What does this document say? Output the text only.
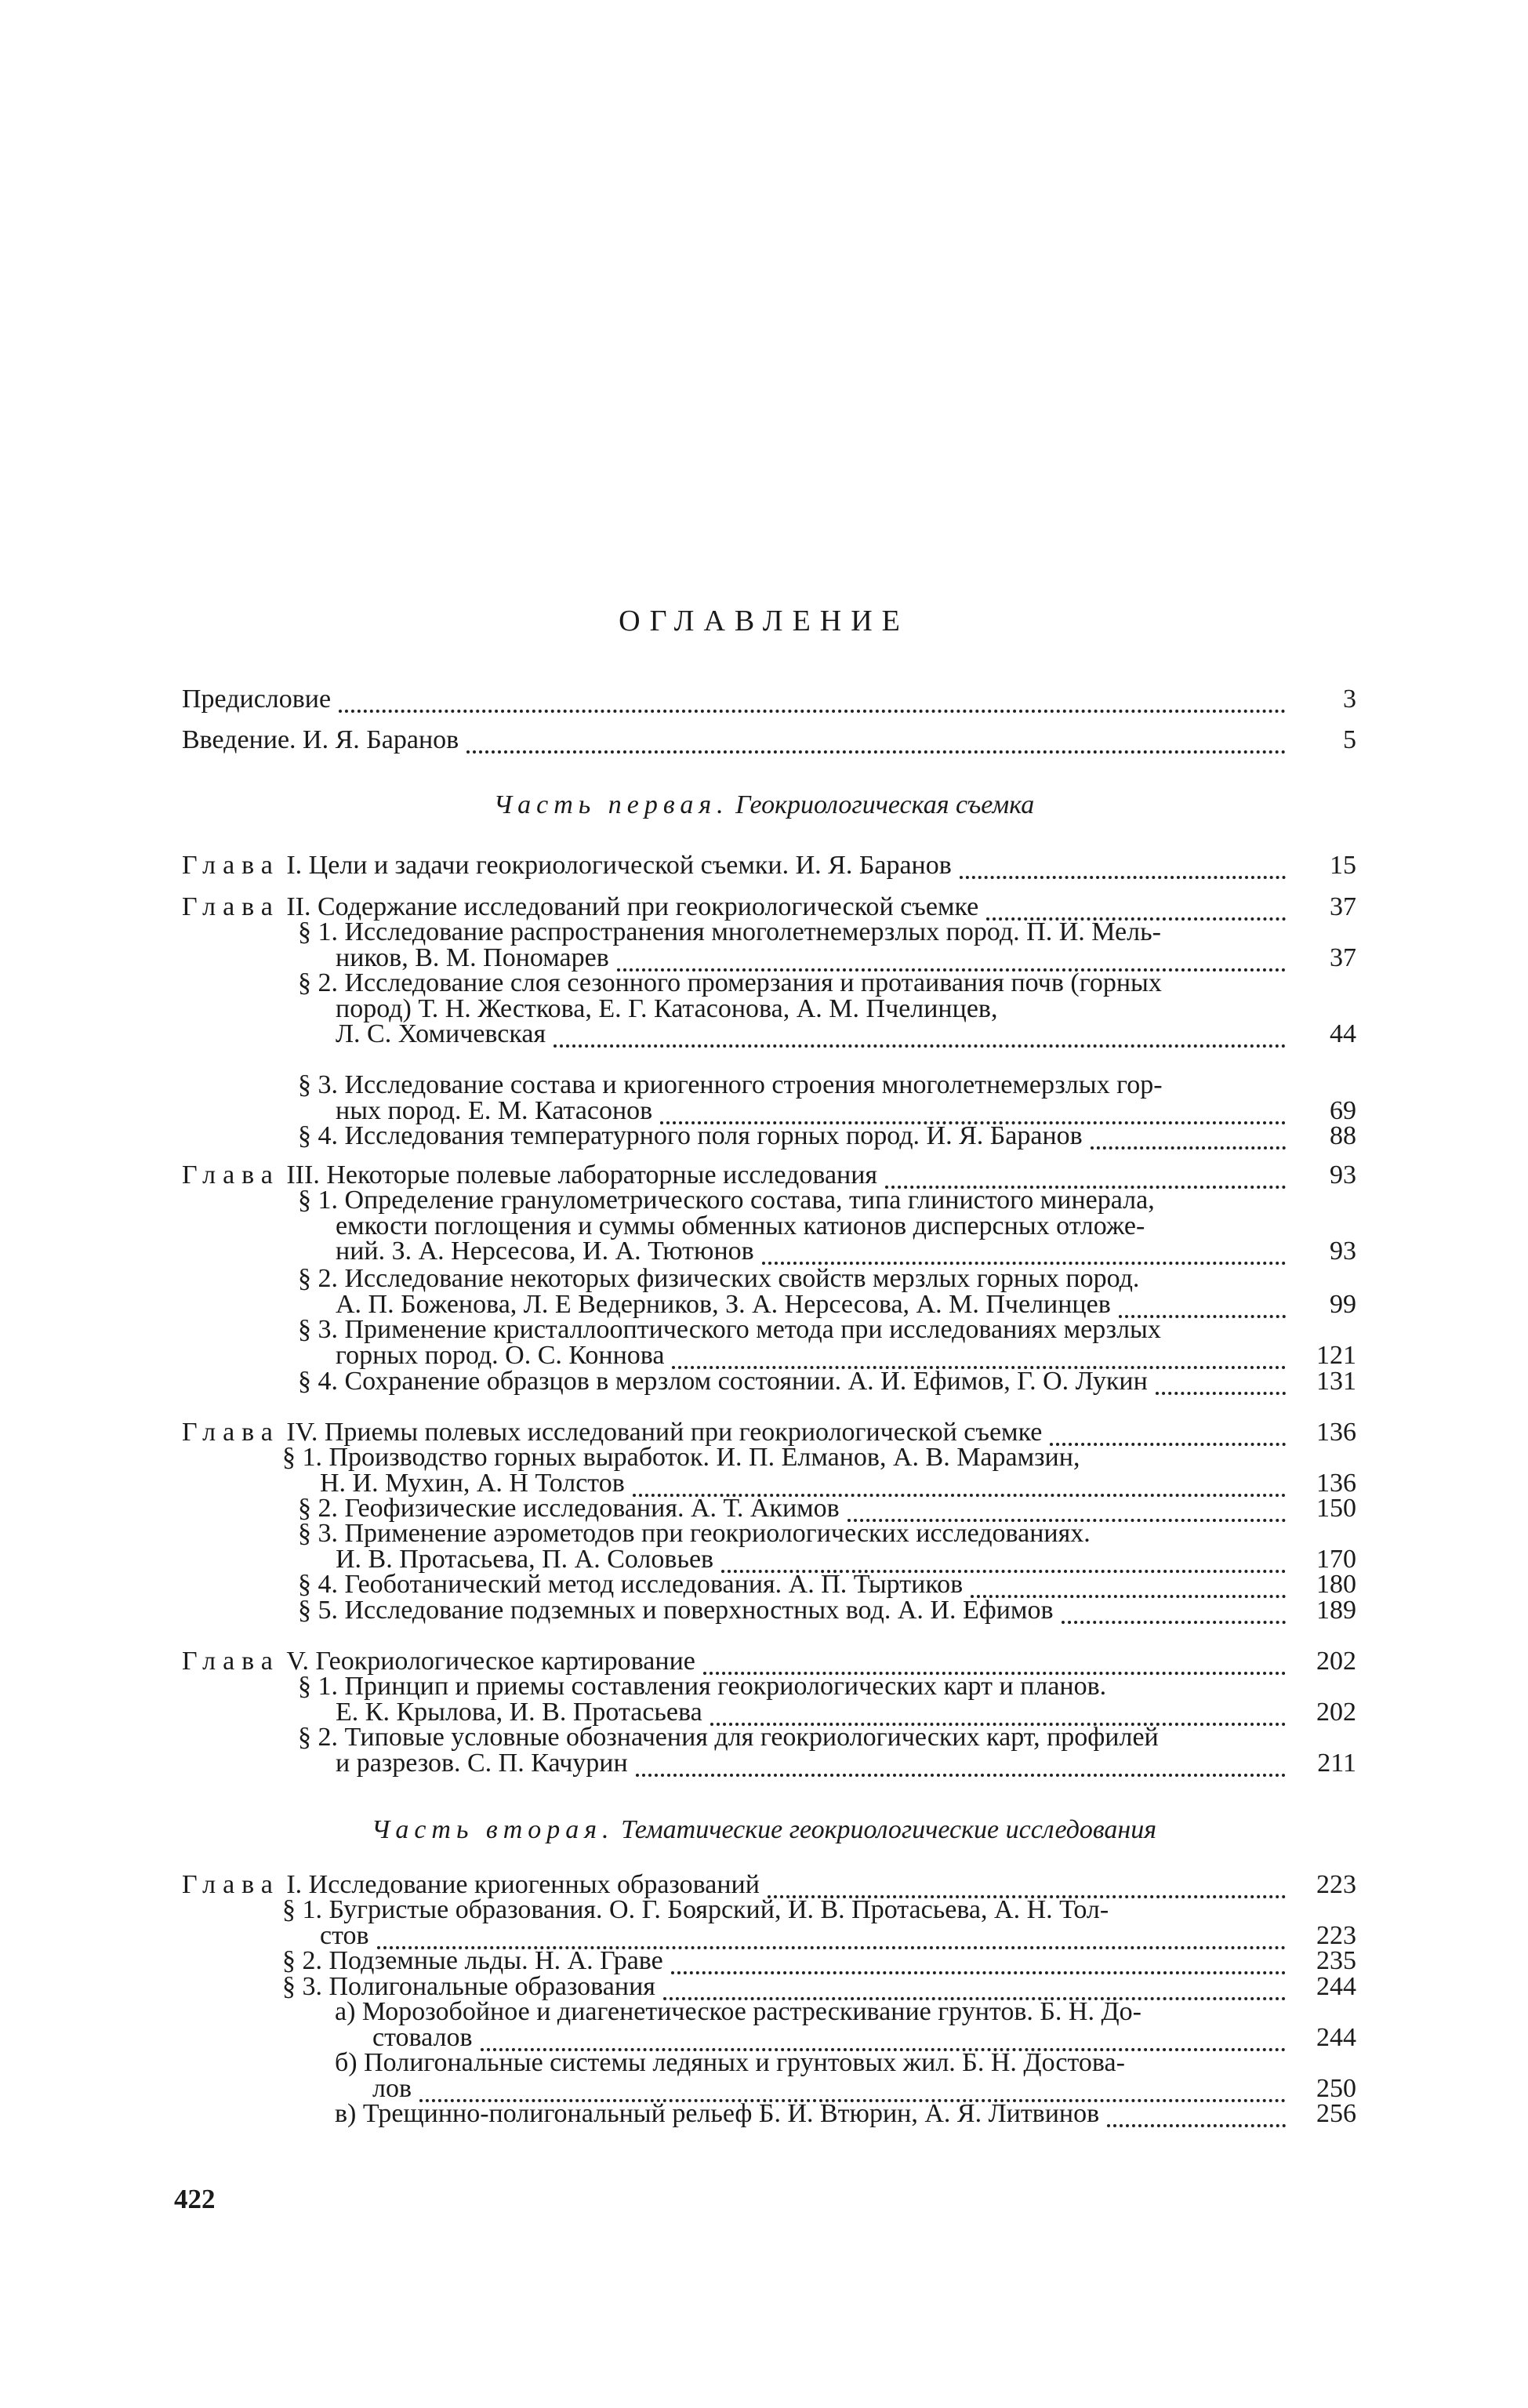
ОГЛАВЛЕНИЕ
Часть первая. Геокриологическая съемка
Часть вторая. Тематические геокриологические исследования
Предисловие	3
Введение. И. Я. Баранов	5
Глава I. Цели и задачи геокриологической съемки. И. Я. Баранов	15
Глава II. Содержание исследований при геокриологической съемке	37
§ 1. Исследование распространения многолетнемерзлых пород. П. И. Мель-
ников, В. М. Пономарев	37
§ 2. Исследование слоя сезонного промерзания и протаивания почв (горных
пород) Т. Н. Жесткова, Е. Г. Катасонова, А. М. Пчелинцев,
Л. С. Хомичевская	44
§ 3. Исследование состава и криогенного строения многолетнемерзлых гор-
ных пород. Е. М. Катасонов	69
§ 4. Исследования температурного поля горных пород. И. Я. Баранов	88
Глава III. Некоторые полевые лабораторные исследования	93
§ 1. Определение гранулометрического состава, типа глинистого минерала,
емкости поглощения и суммы обменных катионов дисперсных отложе-
ний. З. А. Нерсесова, И. А. Тютюнов	93
§ 2. Исследование некоторых физических свойств мерзлых горных пород.
А. П. Боженова, Л. Е Ведерников, З. А. Нерсесова, А. М. Пчелинцев	99
§ 3. Применение кристаллооптического метода при исследованиях мерзлых
горных пород. О. С. Коннова	121
§ 4. Сохранение образцов в мерзлом состоянии. А. И. Ефимов, Г. О. Лукин	131
Глава IV. Приемы полевых исследований при геокриологической съемке	136
§ 1. Производство горных выработок. И. П. Елманов, А. В. Марамзин,
Н. И. Мухин, А. Н Толстов	136
§ 2. Геофизические исследования. А. Т. Акимов	150
§ 3. Применение аэрометодов при геокриологических исследованиях.
И. В. Протасьева, П. А. Соловьев	170
§ 4. Геоботанический метод исследования. А. П. Тыртиков	180
§ 5. Исследование подземных и поверхностных вод. А. И. Ефимов	189
Глава V. Геокриологическое картирование	202
§ 1. Принцип и приемы составления геокриологических карт и планов.
Е. К. Крылова, И. В. Протасьева	202
§ 2. Типовые условные обозначения для геокриологических карт, профилей
и разрезов. С. П. Качурин	211
Глава I. Исследование криогенных образований	223
§ 1. Бугристые образования. О. Г. Боярский, И. В. Протасьева, А. Н. Тол-
стов	223
§ 2. Подземные льды. Н. А. Граве	235
§ 3. Полигональные образования	244
а) Морозобойное и диагенетическое растрескивание грунтов. Б. Н. До-
стовалов	244
б) Полигональные системы ледяных и грунтовых жил. Б. Н. Достова-
лов	250
в) Трещинно-полигональный рельеф Б. И. Втюрин, А. Я. Литвинов	256
422
